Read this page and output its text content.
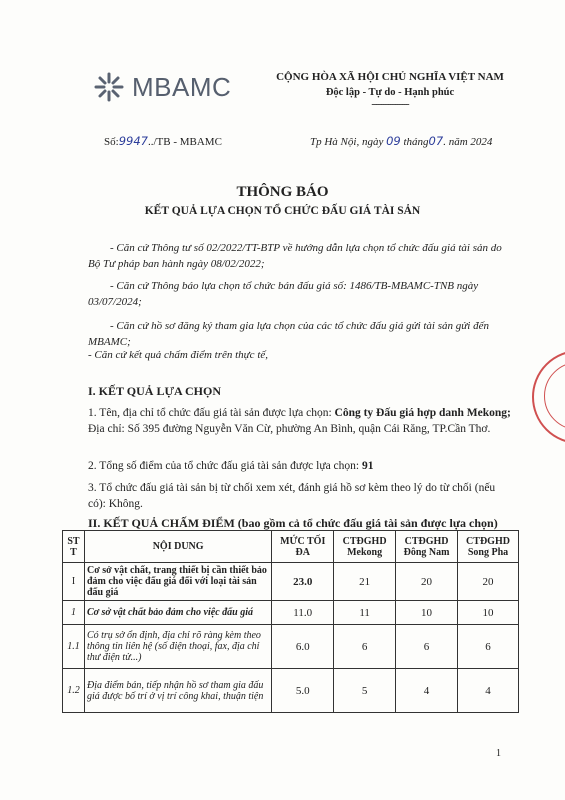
MBAMC	CỘNG HÒA XÃ HỘI CHỦ NGHĨA VIỆT NAM
Độc lập - Tự do - Hạnh phúc
----------------
Số:9947../TB - MBAMC	Tp Hà Nội, ngày 09 tháng07. năm 2024
THÔNG BÁO
KẾT QUẢ LỰA CHỌN TỔ CHỨC ĐẤU GIÁ TÀI SẢN
- Căn cứ Thông tư số 02/2022/TT-BTP về hướng dẫn lựa chọn tổ chức đấu giá tài sản do Bộ Tư pháp ban hành ngày 08/02/2022;
- Căn cứ Thông báo lựa chọn tổ chức bán đấu giá số: 1486/TB-MBAMC-TNB ngày 03/07/2024;
- Căn cứ hồ sơ đăng ký tham gia lựa chọn của các tổ chức đấu giá gửi tài sản gửi đến MBAMC;
- Căn cứ kết quả chấm điểm trên thực tế,
I. KẾT QUẢ LỰA CHỌN
1. Tên, địa chỉ tổ chức đấu giá tài sản được lựa chọn: Công ty Đấu giá hợp danh Mekong; Địa chỉ: Số 395 đường Nguyễn Văn Cừ, phường An Bình, quận Cái Răng, TP.Cần Thơ.
2. Tổng số điểm của tổ chức đấu giá tài sản được lựa chọn: 91
3. Tổ chức đấu giá tài sản bị từ chối xem xét, đánh giá hồ sơ kèm theo lý do từ chối (nếu có): Không.
II. KẾT QUẢ CHẤM ĐIỂM (bao gồm cả tổ chức đấu giá tài sản được lựa chọn)
ST T	NỘI DUNG	MỨC TỐI ĐA	CTĐGHD Mekong	CTĐGHD Đông Nam	CTĐGHD Song Pha
I	Cơ sở vật chất, trang thiết bị cần thiết bảo đảm cho việc đấu giá đối với loại tài sản đấu giá	23.0	21	20	20
1	Cơ sở vật chất bảo đảm cho việc đấu giá	11.0	11	10	10
1.1	Có trụ sở ổn định, địa chỉ rõ ràng kèm theo thông tin liên hệ (số điện thoại, fax, địa chỉ thư điện tử...)	6.0	6	6	6
1.2	Địa điểm bán, tiếp nhận hồ sơ tham gia đấu giá được bố trí ở vị trí công khai, thuận tiện	5.0	5	4	4
1
